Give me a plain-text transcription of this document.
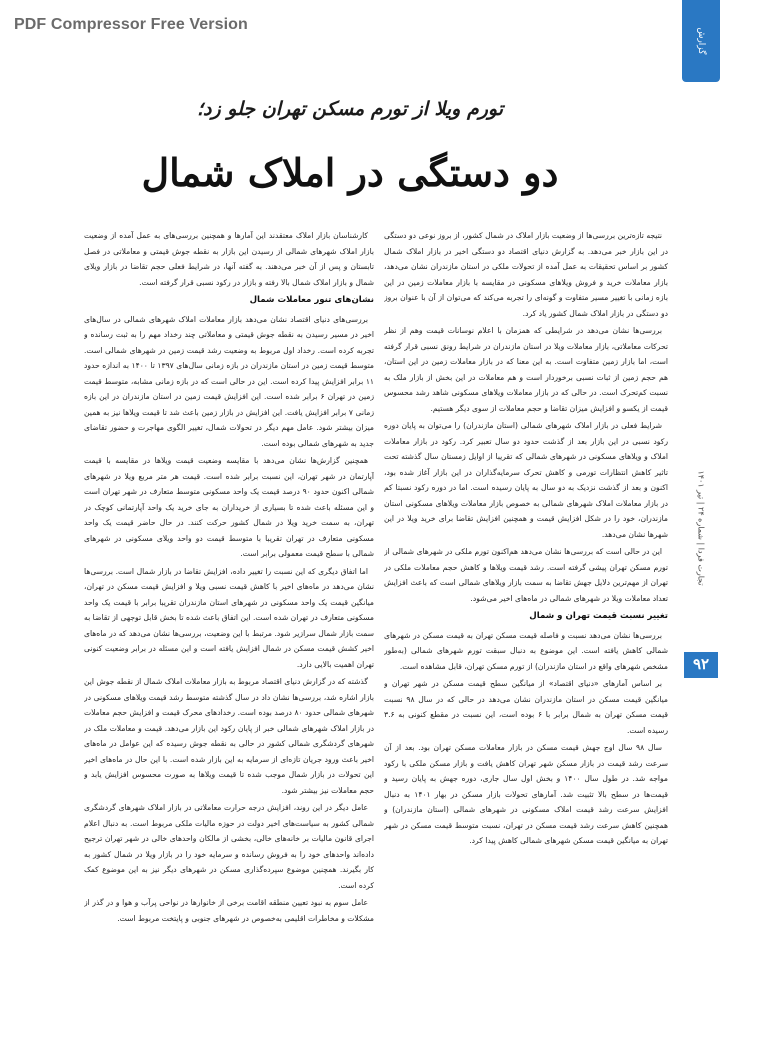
PDF Compressor Free Version
گزارش
تورم ویلا از تورم مسکن تهران جلو زد؛
دو دستگی در املاک شمال

نتیجه تازه‌ترین بررسی‌ها از وضعیت بازار املاک در شمال کشور، از بروز نوعی دو دستگی در این بازار خبر می‌دهد. به گزارش دنیای اقتصاد دو دستگی اخیر در بازار املاک شمال کشور بر اساس تحقیقات به عمل آمده از تحولات ملکی در استان مازندران نشان می‌دهد، بازار معاملات خرید و فروش ویلاهای مسکونی در مقایسه با بازار معاملات زمین در این بازه زمانی با تغییر مسیر متفاوت و گونه‌ای را تجربه می‌کند که می‌توان از آن با عنوان بروز دو دستگی در بازار املاک شمال کشور یاد کرد.

بررسی‌ها نشان می‌دهد در شرایطی که همزمان با اعلام نوسانات قیمت وهم از نظر تحرکات معاملاتی، بازار معاملات ویلا در استان مازندران در شرایط رونق نسبی قرار گرفته است، اما بازار زمین متفاوت است. به این معنا که در بازار معاملات زمین در این استان، هم حجم زمین از ثبات نسبی برخوردار است و هم معاملات در این بخش از بازار ملک به نسبت کم‌تحرک است. در حالی که در بازار معاملات ویلاهای مسکونی شاهد رشد محسوس قیمت از یکسو و افزایش میزان تقاضا و حجم معاملات از سوی دیگر هستیم.

شرایط فعلی در بازار املاک شهرهای شمالی (استان مازندران) را می‌توان به پایان دوره رکود نسبی در این بازار بعد از گذشت حدود دو سال تعبیر کرد. رکود در بازار معاملات املاک و ویلاهای مسکونی در شهرهای شمالی که تقریبا از اوایل زمستان سال گذشته تحت تاثیر کاهش انتظارات تورمی و کاهش تحرک سرمایه‌گذاران در این بازار آغاز شده بود، اکنون و بعد از گذشت نزدیک به دو سال به پایان رسیده است. اما در دوره رکود نسبتا کم در بازار معاملات املاک شهرهای شمالی به خصوص بازار معاملات ویلاهای مسکونی استان مازندران، خود را در شکل افزایش قیمت و همچنین افزایش تقاضا برای خرید ویلا در این شهرها نشان می‌دهد.

این در حالی است که بررسی‌ها نشان می‌دهد هم‌اکنون تورم ملکی در شهرهای شمالی از تورم مسکن تهران پیشی گرفته است. رشد قیمت ویلاها و کاهش حجم معاملات ملکی در تهران از مهم‌ترین دلایل جهش تقاضا به سمت بازار ویلاهای شمالی است که باعث افزایش تعداد معاملات ویلا در شهرهای شمالی در ماه‌های اخیر می‌شود.

تغییر نسبت قیمت تهران و شمال

بررسی‌ها نشان می‌دهد نسبت و فاصله قیمت مسکن تهران به قیمت مسکن در شهرهای شمالی کاهش یافته است. این موضوع به دنبال سبقت تورم شهرهای شمالی (به‌طور مشخص شهرهای واقع در استان مازندران) از تورم مسکن تهران، قابل مشاهده است.

بر اساس آمارهای «دنیای اقتصاد» از میانگین سطح قیمت مسکن در شهر تهران و میانگین قیمت مسکن در استان مازندران نشان می‌دهد در حالی که در سال ۹۸ نسبت قیمت مسکن تهران به شمال برابر با ۶ بوده است، این نسبت در مقطع کنونی به ۳.۶ رسیده است.

سال ۹۸ سال اوج جهش قیمت مسکن در بازار معاملات مسکن تهران بود. بعد از آن سرعت رشد قیمت در بازار مسکن شهر تهران کاهش یافت و بازار مسکن ملکی با رکود مواجه شد. در طول سال ۱۴۰۰ و بخش اول سال جاری، دوره جهش به پایان رسید و قیمت‌ها در سطح بالا تثبیت شد. آمارهای تحولات بازار مسکن در بهار ۱۴۰۱ به دنبال افزایش سرعت رشد قیمت املاک مسکونی در شهرهای شمالی (استان مازندران) و همچنین کاهش سرعت رشد قیمت مسکن در تهران، نسبت متوسط قیمت مسکن در شهر تهران به میانگین قیمت مسکن شهرهای شمالی کاهش پیدا کرد.

کارشناسان بازار املاک معتقدند این آمارها و همچنین بررسی‌های به عمل آمده از وضعیت بازار املاک شهرهای شمالی از رسیدن این بازار به نقطه جوش قیمتی و معاملاتی در فصل تابستان و پس از آن خبر می‌دهند. به گفته آنها، در شرایط فعلی حجم تقاضا در بازار ویلای شمال و بازار املاک شمال بالا رفته و بازار در رکود نسبی قرار گرفته است.

نشان‌های تنور معاملات شمال

بررسی‌های دنیای اقتصاد نشان می‌دهد بازار معاملات املاک شهرهای شمالی در سال‌های اخیر در مسیر رسیدن به نقطه جوش قیمتی و معاملاتی چند رخداد مهم را به ثبت رسانده و تجربه کرده است. رخداد اول مربوط به وضعیت رشد قیمت زمین در شهرهای شمالی است. متوسط قیمت زمین در استان مازندران در بازه زمانی سال‌های ۱۳۹۷ تا ۱۴۰۰ به اندازه حدود ۱۱ برابر افزایش پیدا کرده است. این در حالی است که در بازه زمانی مشابه، متوسط قیمت زمین در تهران ۶ برابر شده است. این افزایش قیمت زمین در استان مازندران در این بازه زمانی ۷ برابر افزایش یافت. این افزایش در بازار زمین باعث شد تا قیمت ویلاها نیز به همین میزان بیشتر شود. عامل مهم دیگر در تحولات شمال، تغییر الگوی مهاجرت و حضور تقاضای جدید به شهرهای شمالی بوده است.

همچنین گزارش‌ها نشان می‌دهد با مقایسه وضعیت قیمت ویلاها در مقایسه با قیمت آپارتمان در شهر تهران، این نسبت برابر شده است. قیمت هر متر مربع ویلا در شهرهای شمالی اکنون حدود ۹۰ درصد قیمت یک واحد مسکونی متوسط متعارف در شهر تهران است و این مسئله باعث شده تا بسیاری از خریداران به جای خرید یک واحد آپارتمانی کوچک در تهران، به سمت خرید ویلا در شمال کشور حرکت کنند. در حال حاضر قیمت یک واحد مسکونی متعارف در تهران تقریبا با متوسط قیمت دو واحد ویلای مسکونی در شهرهای شمالی با سطح قیمت معمولی برابر است.

اما اتفاق دیگری که این نسبت را تغییر داده، افزایش تقاضا در بازار شمال است. بررسی‌ها نشان می‌دهد در ماه‌های اخیر با کاهش قیمت نسبی ویلا و افزایش قیمت مسکن در تهران، میانگین قیمت یک واحد مسکونی در شهرهای استان مازندران تقریبا برابر با قیمت یک واحد مسکونی متعارف در تهران شده است. این اتفاق باعث شده تا بخش قابل توجهی از تقاضا به سمت بازار شمال سرازیر شود. مرتبط با این وضعیت، بررسی‌ها نشان می‌دهد که در ماه‌های اخیر کشش قیمت مسکن در شمال افزایش یافته است و این مسئله در برابر وضعیت کنونی تهران اهمیت بالایی دارد.

گذشته که در گزارش دنیای اقتصاد مربوط به بازار معاملات املاک شمال از نقطه جوش این بازار اشاره شد، بررسی‌ها نشان داد در سال گذشته متوسط رشد قیمت ویلاهای مسکونی در شهرهای شمالی حدود ۸۰ درصد بوده است. رخدادهای محرک قیمت و افزایش حجم معاملات در بازار املاک شهرهای شمالی خبر از پایان رکود این بازار می‌دهد. قیمت و معاملات ملک در شهرهای گردشگری شمالی کشور در حالی به نقطه جوش رسیده که این عوامل در ماه‌های اخیر باعث ورود جریان تازه‌ای از سرمایه به این بازار شده است. با این حال در ماه‌های اخیر این تحولات در بازار شمال موجب شده تا قیمت ویلاها به صورت محسوس افزایش یابد و حجم معاملات نیز بیشتر شود.

عامل دیگر در این روند، افزایش درجه حرارت معاملاتی در بازار املاک شهرهای گردشگری شمالی کشور به سیاست‌های اخیر دولت در حوزه مالیات ملکی مربوط است. به دنبال اعلام اجرای قانون مالیات بر خانه‌های خالی، بخشی از مالکان واحدهای خالی در شهر تهران ترجیح داده‌اند واحدهای خود را به فروش رسانده و سرمایه خود را در بازار ویلا در شمال کشور به کار بگیرند. همچنین موضوع سپرده‌گذاری مسکن در شهرهای دیگر نیز به این موضوع کمک کرده است.

عامل سوم به نبود تعیین منطقه اقامت برخی از خانوارها در نواحی پرآب و هوا و در گذر از مشکلات و مخاطرات اقلیمی به‌خصوص در شهرهای جنوبی و پایتخت مربوط است.

تجارت فردا | شماره ۲۴ | تیر ۱۴۰۱
۹۲
